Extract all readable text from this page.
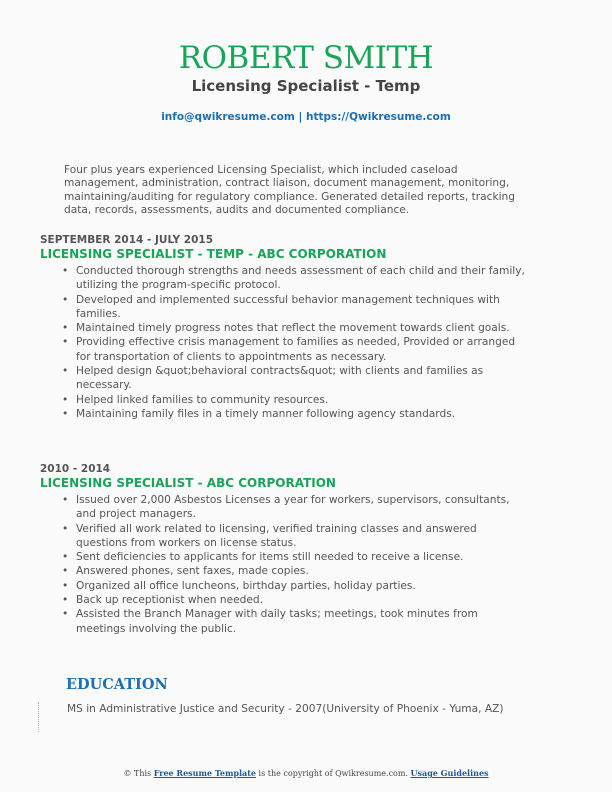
ROBERT SMITH
Licensing Specialist - Temp
info@qwikresume.com | https://Qwikresume.com
Four plus years experienced Licensing Specialist, which included caseload management, administration, contract liaison, document management, monitoring, maintaining/auditing for regulatory compliance. Generated detailed reports, tracking data, records, assessments, audits and documented compliance.
SEPTEMBER 2014 - JULY 2015
LICENSING SPECIALIST - TEMP - ABC CORPORATION
• Conducted thorough strengths and needs assessment of each child and their family, utilizing the program-specific protocol.
• Developed and implemented successful behavior management techniques with families.
• Maintained timely progress notes that reflect the movement towards client goals.
• Providing effective crisis management to families as needed, Provided or arranged for transportation of clients to appointments as necessary.
• Helped design &quot;behavioral contracts&quot; with clients and families as necessary.
• Helped linked families to community resources.
• Maintaining family files in a timely manner following agency standards.
2010 - 2014
LICENSING SPECIALIST - ABC CORPORATION
• Issued over 2,000 Asbestos Licenses a year for workers, supervisors, consultants, and project managers.
• Verified all work related to licensing, verified training classes and answered questions from workers on license status.
• Sent deficiencies to applicants for items still needed to receive a license.
• Answered phones, sent faxes, made copies.
• Organized all office luncheons, birthday parties, holiday parties.
• Back up receptionist when needed.
• Assisted the Branch Manager with daily tasks; meetings, took minutes from meetings involving the public.
EDUCATION
MS in Administrative Justice and Security - 2007(University of Phoenix - Yuma, AZ)
© This Free Resume Template is the copyright of Qwikresume.com. Usage Guidelines
